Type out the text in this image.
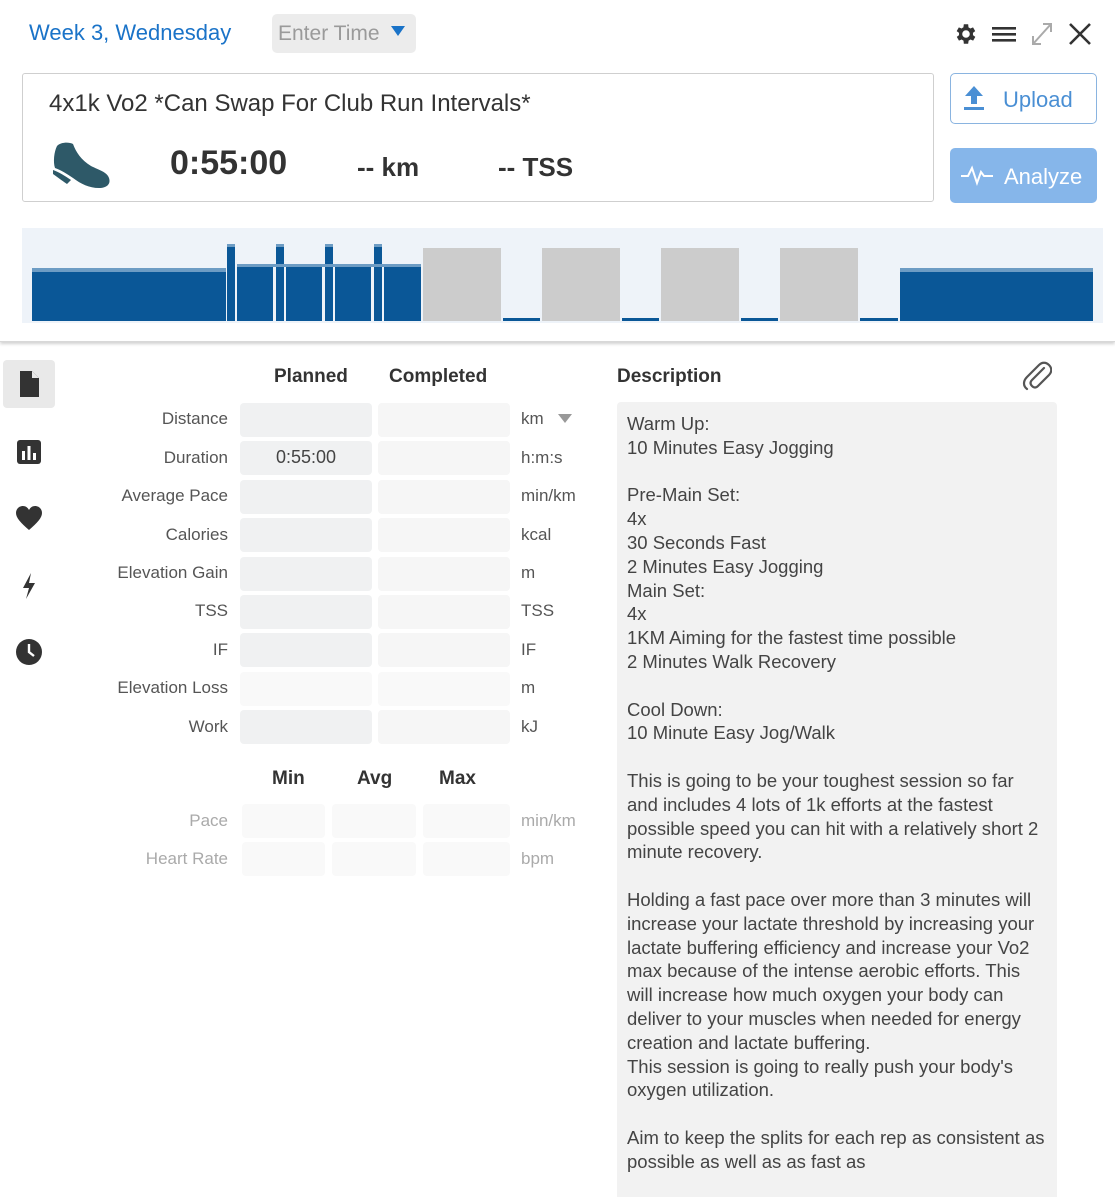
Week 3, Wednesday Enter Time
4x1k Vo2 *Can Swap For Club Run Intervals*
0:55:00	-- km	-- TSS
Upload
Analyze
Planned Completed
Distance	km
Duration	0:55:00	h:m:s
Average Pace	min/km
Calories	kcal
Elevation Gain	m
TSS	TSS
IF	IF
Elevation Loss	m
Work	kJ
Min	Avg Max
Pace	min/km
Heart Rate	bpm
Description
Warm Up:
10 Minutes Easy Jogging

Pre-Main Set:
4x
30 Seconds Fast
2 Minutes Easy Jogging
Main Set:
4x
1KM Aiming for the fastest time possible
2 Minutes Walk Recovery

Cool Down:
10 Minute Easy Jog/Walk

This is going to be your toughest session so far and includes 4 lots of 1k efforts at the fastest possible speed you can hit with a relatively short 2 minute recovery.

Holding a fast pace over more than 3 minutes will increase your lactate threshold by increasing your lactate buffering efficiency and increase your Vo2 max because of the intense aerobic efforts. This will increase how much oxygen your body can deliver to your muscles when needed for energy creation and lactate buffering.
This session is going to really push your body's oxygen utilization.

Aim to keep the splits for each rep as consistent as possible as well as as fast as
